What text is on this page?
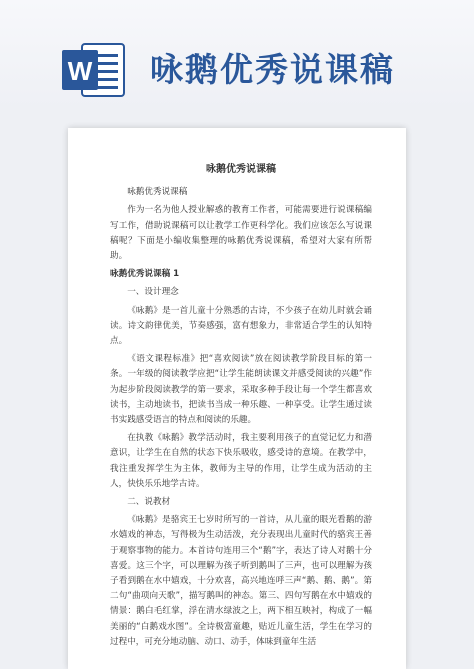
W 咏鹅优秀说课稿
咏鹅优秀说课稿

咏鹅优秀说课稿

作为一名为他人授业解惑的教育工作者，可能需要进行说课稿编写工作，借助说课稿可以让教学工作更科学化。我们应该怎么写说课稿呢？下面是小编收集整理的咏鹅优秀说课稿，希望对大家有所帮助。

咏鹅优秀说课稿 1

一、设计理念

《咏鹅》是一首儿童十分熟悉的古诗，不少孩子在幼儿时就会诵读。诗文韵律优美，节奏感强，富有想象力，非常适合学生的认知特点。

《语文课程标准》把“喜欢阅读”放在阅读教学阶段目标的第一条。一年级的阅读教学应把“让学生能朗读课文并感受阅读的兴趣”作为起步阶段阅读教学的第一要求，采取多种手段让每一个学生都喜欢读书，主动地读书，把读书当成一种乐趣、一种享受。让学生通过读书实践感受语言的特点和阅读的乐趣。

在执教《咏鹅》教学活动时，我主要利用孩子的直觉记忆力和潜意识，让学生在自然的状态下快乐吸收，感受诗的意境。在教学中，我注重发挥学生为主体，教师为主导的作用，让学生成为活动的主人，快快乐乐地学古诗。

二、说教材

《咏鹅》是骆宾王七岁时所写的一首诗，从儿童的眼光看鹅的游水嬉戏的神态，写得极为生动活泼，充分表现出儿童时代的骆宾王善于观察事物的能力。本首诗句连用三个“鹅”字，表达了诗人对鹅十分喜爱。这三个字，可以理解为孩子听到鹅叫了三声，也可以理解为孩子看到鹅在水中嬉戏，十分欢喜，高兴地连呼三声“鹅、鹅、鹅”。第二句“曲项向天歌”，描写鹅叫的神态。第三、四句写鹅在水中嬉戏的情景：鹅白毛红掌，浮在清水绿波之上，两下相互映衬，构成了一幅美丽的“白鹅戏水图”。全诗极富童趣，贴近儿童生活，学生在学习的过程中，可充分地动脑、动口、动手，体味到童年生活
